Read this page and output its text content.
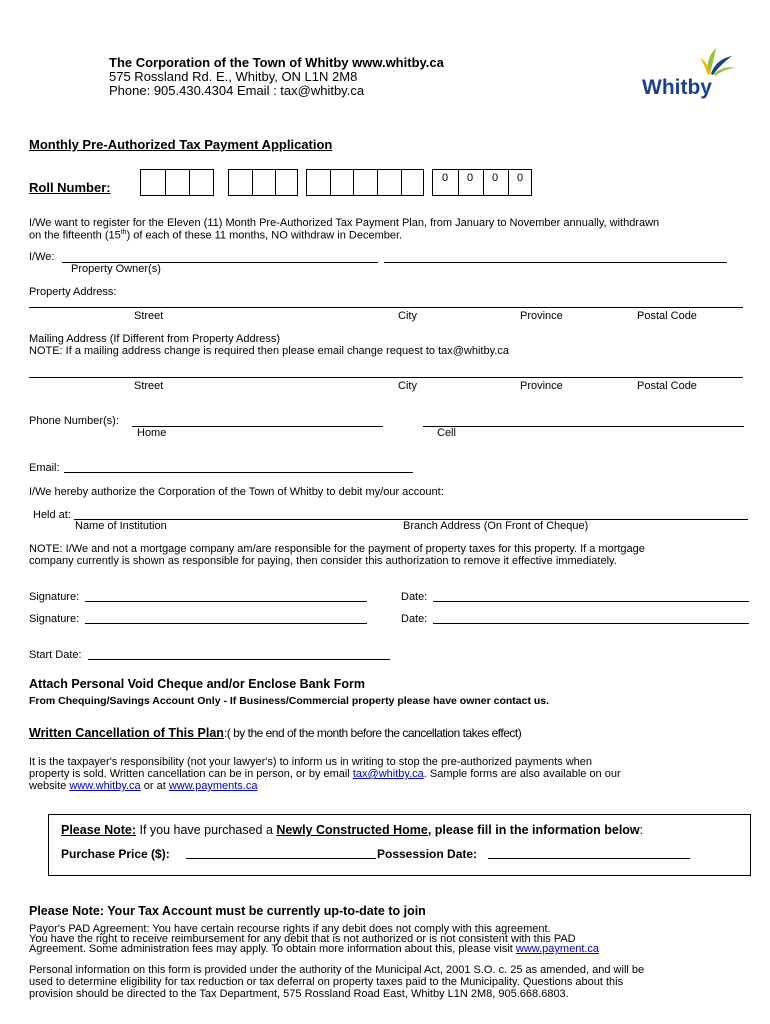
The Corporation of the Town of Whitby www.whitby.ca
575 Rossland Rd. E., Whitby, ON L1N 2M8
Phone: 905.430.4304 Email : tax@whitby.ca	Whitby
Monthly Pre-Authorized Tax Payment Application
Roll Number:
0	0	0	0
I/We want to register for the Eleven (11) Month Pre-Authorized Tax Payment Plan, from January to November annually, withdrawn
on the fifteenth (15th) of each of these 11 months, NO withdraw in December.
I/We:
Property Owner(s)
Property Address:
Street	City	Province	Postal Code
Mailing Address (If Different from Property Address)
NOTE: If a mailing address change is required then please email change request to tax@whitby.ca
Street	City	Province	Postal Code
Phone Number(s):
Home	Cell
Email:
I/We hereby authorize the Corporation of the Town of Whitby to debit my/our account:
Held at:
Name of Institution	Branch Address (On Front of Cheque)
NOTE: I/We and not a mortgage company am/are responsible for the payment of property taxes for this property. If a mortgage
company currently is shown as responsible for paying, then consider this authorization to remove it effective immediately.
Signature:	Date:
Signature:	Date:
Start Date:
Attach Personal Void Cheque and/or Enclose Bank Form
From Chequing/Savings Account Only - If Business/Commercial property please have owner contact us.
Written Cancellation of This Plan:( by the end of the month before the cancellation takes effect)
It is the taxpayer's responsibility (not your lawyer's) to inform us in writing to stop the pre-authorized payments when
property is sold. Written cancellation can be in person, or by email tax@whitby.ca. Sample forms are also available on our
website www.whitby.ca or at www.payments.ca
Please Note: If you have purchased a Newly Constructed Home, please fill in the information below:
Purchase Price ($):	Possession Date:
Please Note: Your Tax Account must be currently up-to-date to join
Payor's PAD Agreement: You have certain recourse rights if any debit does not comply with this agreement.
You have the right to receive reimbursement for any debit that is not authorized or is not consistent with this PAD
Agreement. Some administration fees may apply. To obtain more information about this, please visit www.payment.ca
Personal information on this form is provided under the authority of the Municipal Act, 2001 S.O. c. 25 as amended, and will be
used to determine eligibility for tax reduction or tax deferral on property taxes paid to the Municipality. Questions about this
provision should be directed to the Tax Department, 575 Rossland Road East, Whitby L1N 2M8, 905.668.6803.
